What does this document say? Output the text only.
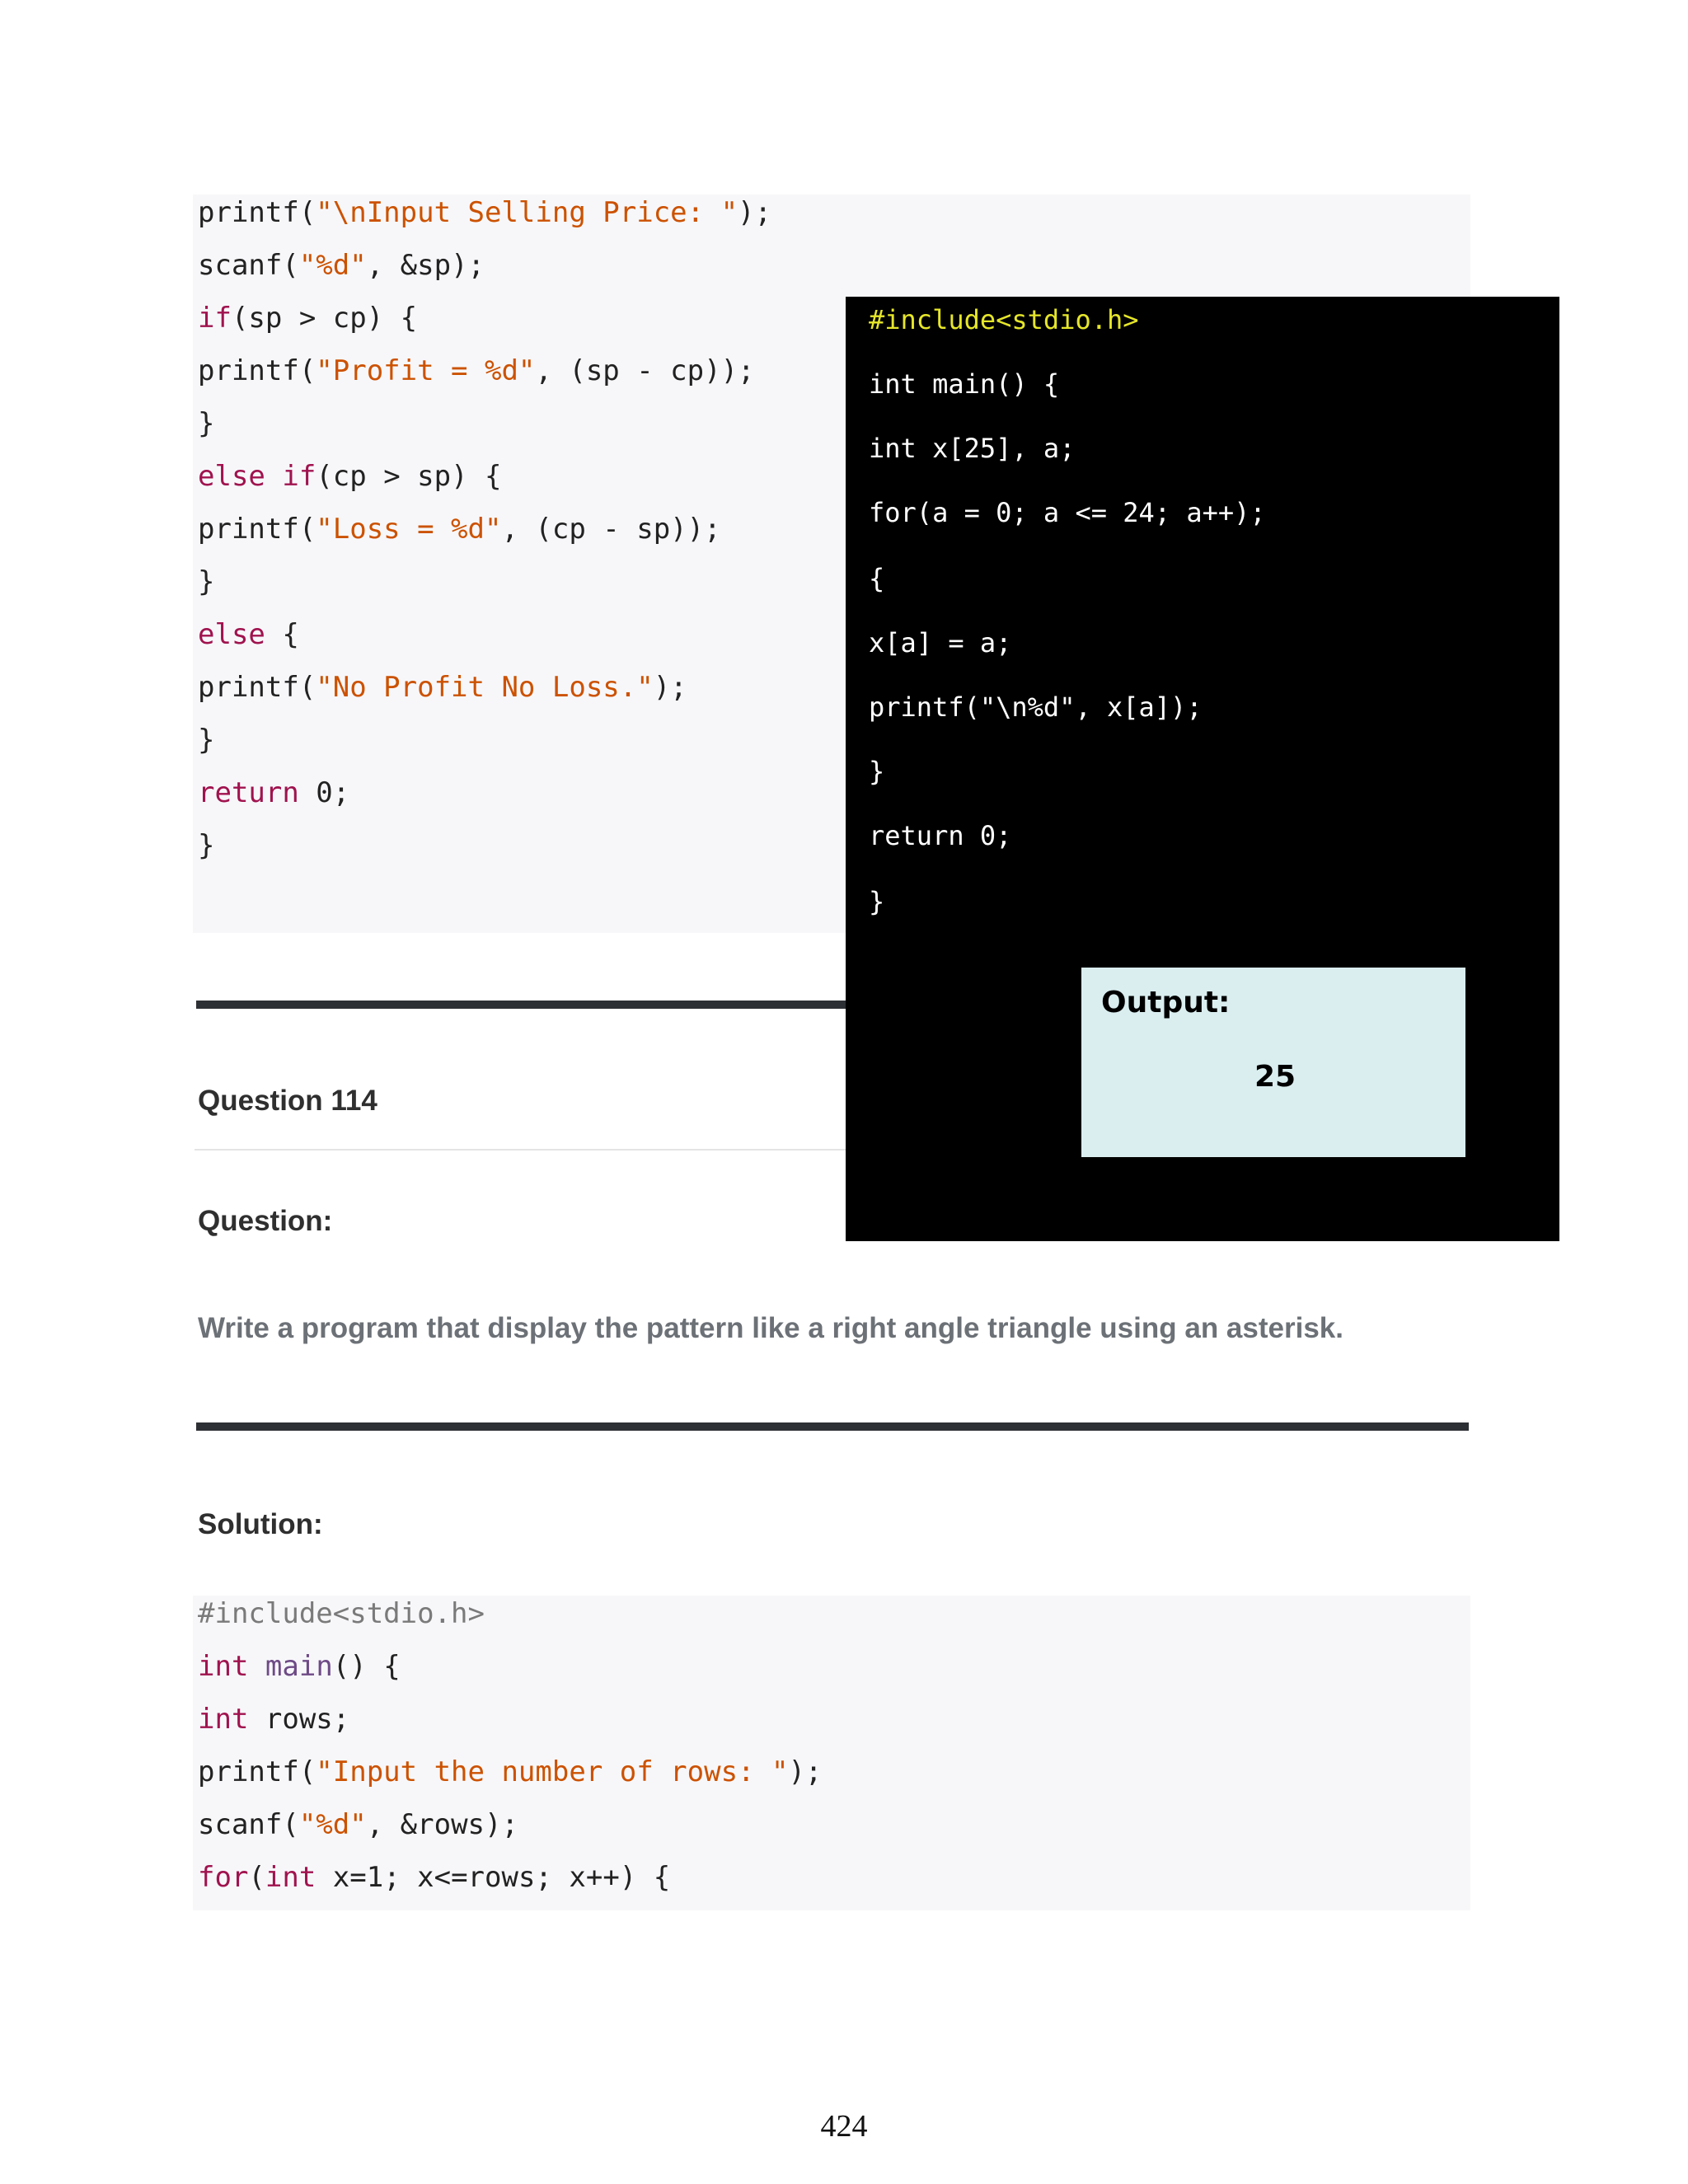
printf("\nInput Selling Price: ");
scanf("%d", &sp);
if(sp > cp) {
printf("Profit = %d", (sp - cp));
}
else if(cp > sp) {
printf("Loss = %d", (cp - sp));
}
else {
printf("No Profit No Loss.");
}
return 0;
}
Question 114
Question:
Write a program that display the pattern like a right angle triangle using an asterisk.
Solution:
#include<stdio.h>
int main() {
int rows;
printf("Input the number of rows: ");
scanf("%d", &rows);
for(int x=1; x<=rows; x++) {
#include<stdio.h>
int main() {
int x[25], a;
for(a = 0; a <= 24; a++);
{
x[a] = a;
printf("\n%d", x[a]);
}
return 0;
}
Output:
25
424
